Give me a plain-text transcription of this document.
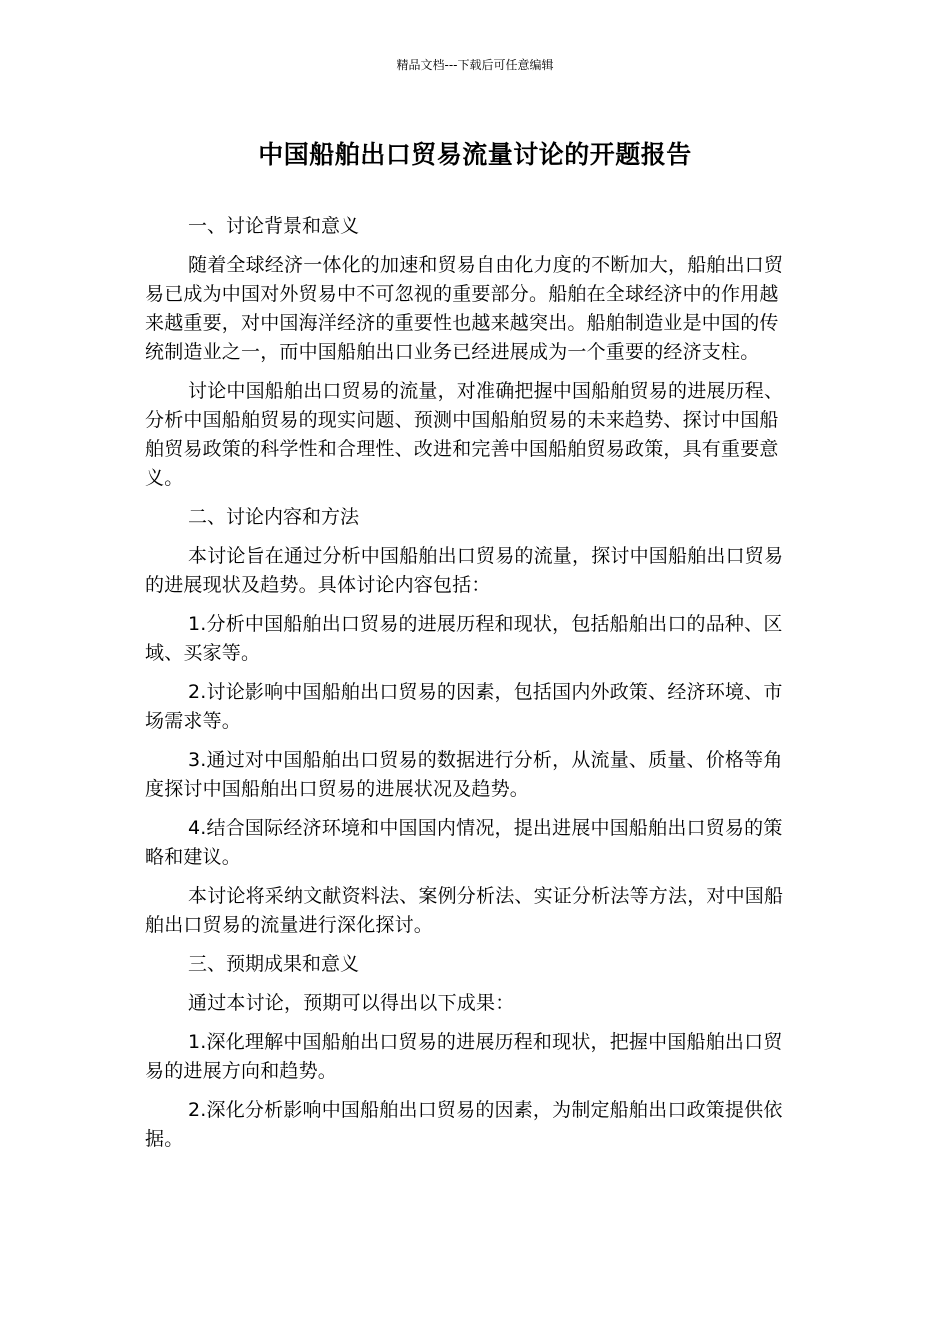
精品文档---下载后可任意编辑
中国船舶出口贸易流量讨论的开题报告

一、讨论背景和意义

随着全球经济一体化的加速和贸易自由化力度的不断加大，船舶出口贸易已成为中国对外贸易中不可忽视的重要部分。船舶在全球经济中的作用越来越重要，对中国海洋经济的重要性也越来越突出。船舶制造业是中国的传统制造业之一，而中国船舶出口业务已经进展成为一个重要的经济支柱。

讨论中国船舶出口贸易的流量，对准确把握中国船舶贸易的进展历程、分析中国船舶贸易的现实问题、预测中国船舶贸易的未来趋势、探讨中国船舶贸易政策的科学性和合理性、改进和完善中国船舶贸易政策，具有重要意义。

二、讨论内容和方法

本讨论旨在通过分析中国船舶出口贸易的流量，探讨中国船舶出口贸易的进展现状及趋势。具体讨论内容包括：

1.分析中国船舶出口贸易的进展历程和现状，包括船舶出口的品种、区域、买家等。

2.讨论影响中国船舶出口贸易的因素，包括国内外政策、经济环境、市场需求等。

3.通过对中国船舶出口贸易的数据进行分析，从流量、质量、价格等角度探讨中国船舶出口贸易的进展状况及趋势。

4.结合国际经济环境和中国国内情况，提出进展中国船舶出口贸易的策略和建议。

本讨论将采纳文献资料法、案例分析法、实证分析法等方法，对中国船舶出口贸易的流量进行深化探讨。

三、预期成果和意义

通过本讨论，预期可以得出以下成果：

1.深化理解中国船舶出口贸易的进展历程和现状，把握中国船舶出口贸易的进展方向和趋势。

2.深化分析影响中国船舶出口贸易的因素，为制定船舶出口政策提供依据。
